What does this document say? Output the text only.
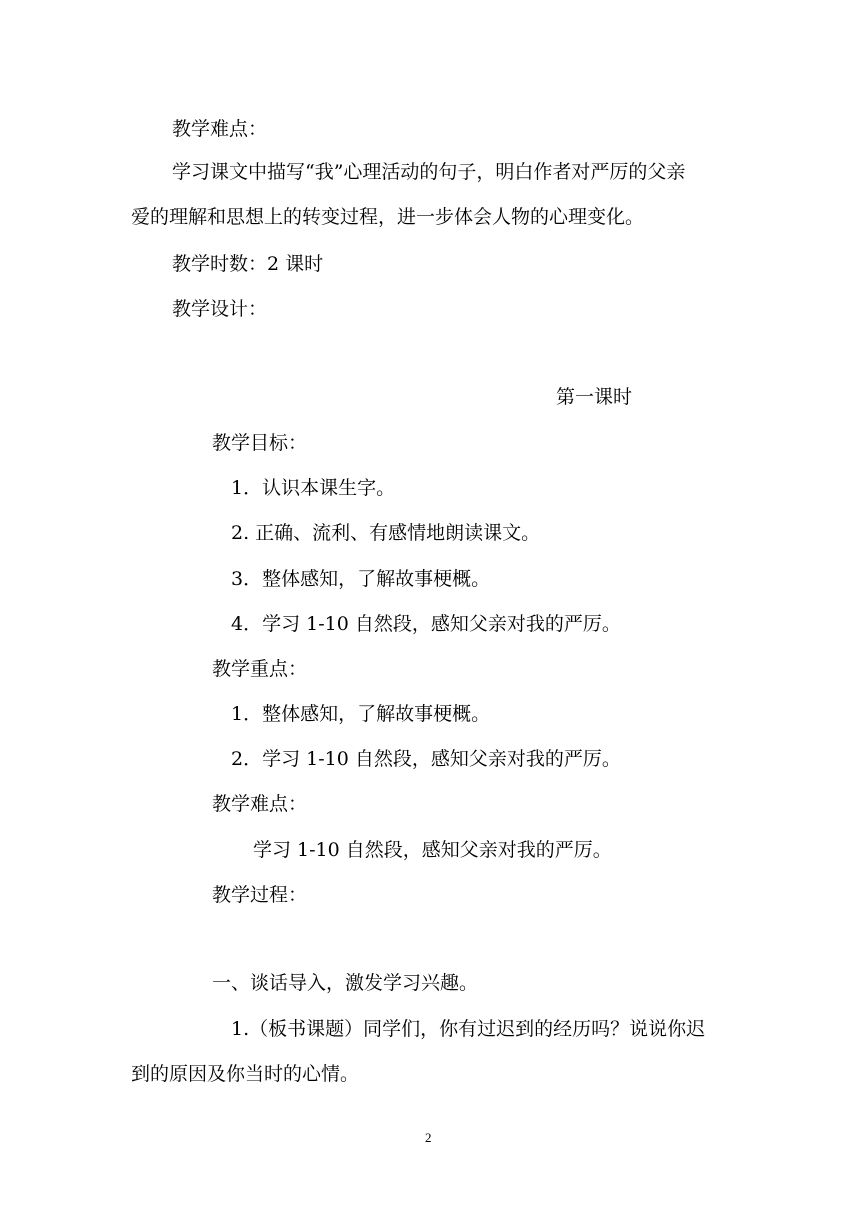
教学难点：
学习课文中描写“我”心理活动的句子，明白作者对严厉的父亲
爱的理解和思想上的转变过程，进一步体会人物的心理变化。
教学时数：2 课时
教学设计：
第一课时
教学目标：
1．认识本课生字。
2. 正确、流利、有感情地朗读课文。
3．整体感知，了解故事梗概。
4．学习 1-10 自然段，感知父亲对我的严厉。
教学重点：
1．整体感知，了解故事梗概。
2．学习 1-10 自然段，感知父亲对我的严厉。
教学难点：
学习 1-10 自然段，感知父亲对我的严厉。
教学过程：
一、谈话导入，激发学习兴趣。
1.（板书课题）同学们，你有过迟到的经历吗？说说你迟
到的原因及你当时的心情。
2
